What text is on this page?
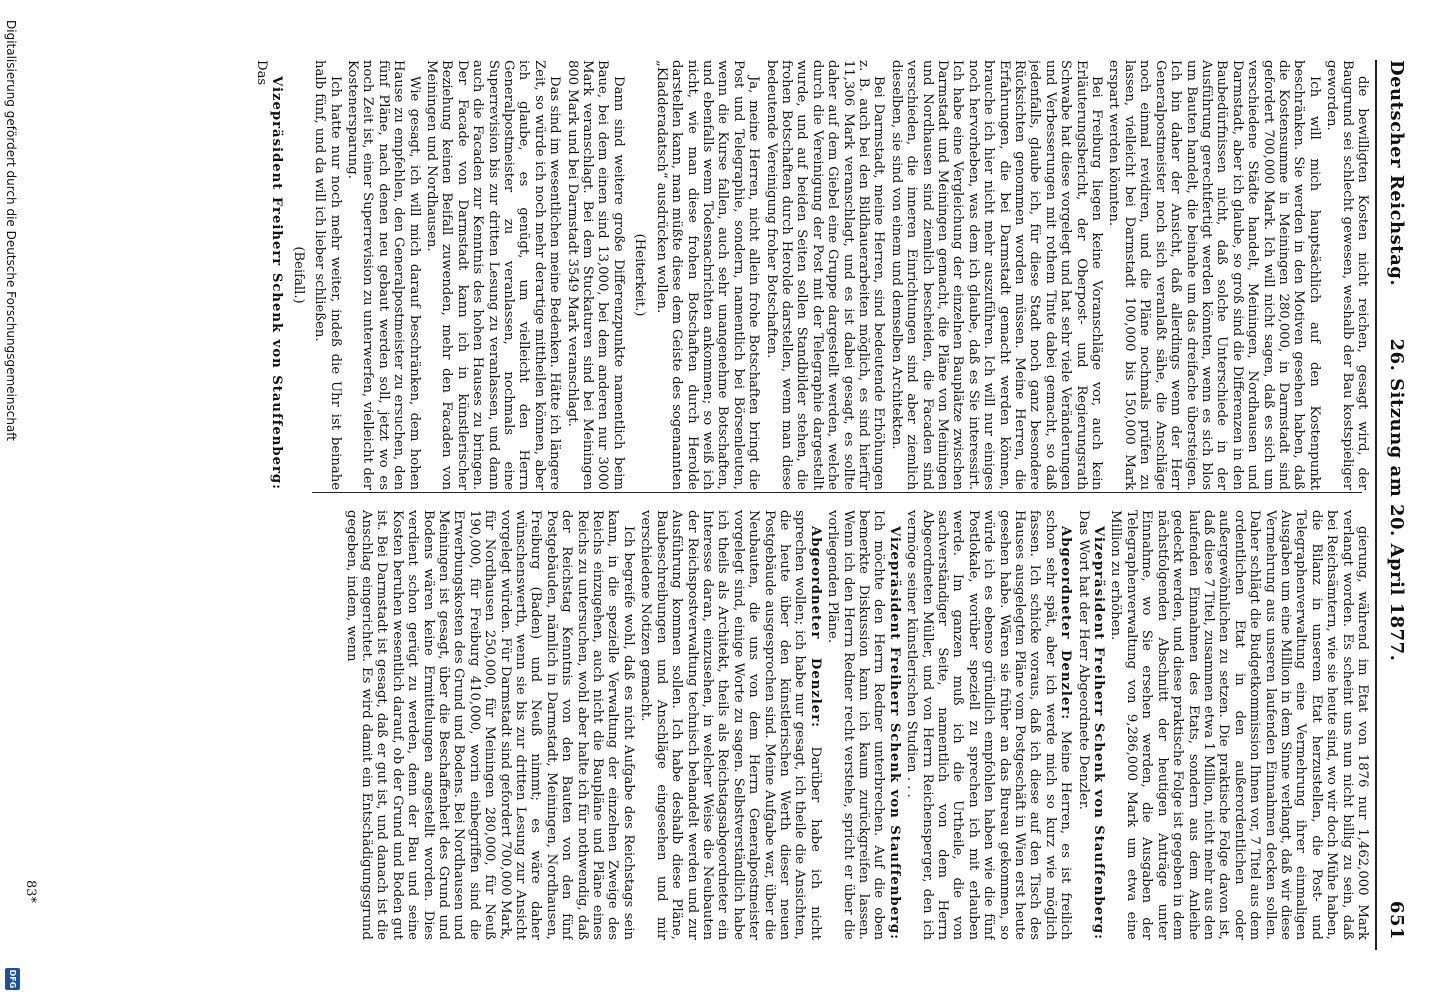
Deutscher Reichstag.
26. Sitzung am 20. April 1877.
651

die bewilligten Kosten nicht reichen, gesagt wird, der Baugrund sei schlecht gewesen, weshalb der Bau kostspieliger geworden.

Ich will mich hauptsächlich auf den Kostenpunkt beschränken. Sie werden in den Motiven gesehen haben, daß die Kostensumme in Meiningen 280,000, in Darmstadt sind gefordert 700,000 Mark. Ich will nicht sagen, daß es sich um verschiedene Städte handelt, Meiningen, Nordhausen und Darmstadt, aber ich glaube, so groß sind die Differenzen in den Baubedürfnissen nicht, daß solche Unterschiede in der Ausführung gerechtfertigt werden könnten, wenn es sich blos um Bauten handelt, die beinahe um das dreifache übersteigen. Ich bin daher der Ansicht, daß allerdings wenn der Herr Generalpostmeister noch sich veranlaßt sähe, die Anschläge noch einmal revidiren, und die Pläne nochmals prüfen zu lassen, vielleicht bei Darmstadt 100,000 bis 150,000 Mark erspart werden könnten.

Bei Freiburg liegen keine Voranschläge vor, auch kein Erläuterungsbericht, der Oberpost- und Regierungsrath Schwabe hat diese vorgelegt und hat sehr viele Veränderungen und Verbesserungen mit rothem Tinte dabei gemacht, so daß jedenfalls, glaube ich, für diese Stadt noch ganz besondere Rücksichten genommen worden müssen. Meine Herren, die Erfahrungen, die bei Darmstadt gemacht werden können, brauche ich hier nicht mehr auszuführen. Ich will nur einiges noch hervorheben, was dem ich glaube, daß es Sie interessirt. Ich habe eine Vergleichung der einzelnen Bauplätze zwischen Darmstadt und Meiningen gemacht, die Pläne von Meiningen und Nordhausen sind ziemlich bescheiden, die Facaden sind verschieden, die inneren Einrichtungen sind aber ziemlich dieselben, sie sind von einem und demselben Architekten.

Bei Darmstadt, meine Herren, sind bedeutende Erhöhungen z. B. auch bei den Bildhauerarbeiten möglich, es sind hierfür 11,306 Mark veranschlagt, und es ist dabei gesagt, es sollte daher auf dem Giebel eine Gruppe dargestellt werden, welche durch die Vereinigung der Post mit der Telegraphie dargestellt wurde, und auf beiden Seiten sollen Standbilder stehen, die frohen Botschaften durch Herolde darstellen, wenn man diese bedeutende Vereinigung froher Botschaften.

Ja, meine Herren, nicht allein frohe Botschaften bringt die Post und Telegraphie, sondern, namentlich bei Börsenleuten, wenn die Kurse fallen, auch sehr unangenehme Botschaften, und ebenfalls wenn Todesnachrichten ankommen; so weiß ich nicht, wie man diese frohen Botschaften durch Herolde darstellen kann, man müßte diese dem Geiste des sogenannten „Kladderadatsch“ ausdrücken wollen.

(Heiterkeit.)

Dann sind weitere große Differenzpunkte namentlich beim Baue, bei dem einen sind 13,000, bei dem anderen nur 3000 Mark veranschlagt. Bei dem Stuckaturen sind bei Meiningen 800 Mark und bei Darmstadt 3549 Mark veranschlagt.

Das sind im wesentlichen meine Bedenken. Hätte ich längere Zeit, so würde ich noch mehr derartige mittheilen können, aber ich glaube, es genügt, um vielleicht den Herrn Generalpostmeister zu veranlassen, nochmals eine Superrevision bis zur dritten Lesung zu veranlassen, und dann auch die Facaden zur Kenntnis des hohen Hauses zu bringen. Der Facade von Darmstadt kann ich in künstlerischer Beziehung keinen Beifall zuwenden, mehr den Facaden von Meiningen und Nordhausen.

Wie gesagt, ich will mich darauf beschränken, dem hohen Hause zu empfehlen, den Generalpostmeister zu ersuchen, den fünf Pläne, nach denen neu gebaut werden soll, jetzt wo es noch Zeit ist, einer Superrevision zu unterwerfen, vielleicht der Kostenersparung.

Ich hatte nur noch mehr weiter, indeß die Uhr ist beinahe halb fünf, und da will ich lieber schließen.

(Beifall.)

Vizepräsident Freiherr Schenk von Stauffenberg: Das

gierung, während im Etat von 1876 nur 1,462,000 Mark verlangt worden. Es scheint uns nun nicht billig zu sein, daß bei Reichsämtern, wie sie heute sind, wo wir doch Mühe haben, die Bilanz in unserem Etat herzustellen, die Post- und Telegraphenverwaltung eine Vermehrung ihrer einmaligen Ausgaben um eine Million in dem Sinne verlangt, daß wir diese Vermehrung aus unseren laufenden Einnahmen decken sollen. Daher schlägt die Budgetkommission Ihnen vor, 7 Titel aus dem ordentlichen Etat in den außerordentlichen oder außergewöhnlichen zu setzen. Die praktische Folge davon ist, daß diese 7 Titel, zusammen etwa 1 Million, nicht mehr aus den laufenden Einnahmen des Etats, sondern aus dem Anleihe gedeckt werden, und diese praktische Folge ist gegeben in dem nächstfolgenden Abschnitt der heutigen Anträge unter Einnahme, wo Sie ersehen werden, die Ausgaben der Telegraphenverwaltung von 9,286,000 Mark um etwa eine Million zu erhöhen.

Vizepräsident Freiherr Schenk von Stauffenberg: Das Wort hat der Herr Abgeordnete Denzler.

Abgeordneter Denzler: Meine Herren, es ist freilich schon sehr spät, aber ich werde mich so kurz wie möglich fassen. Ich schicke voraus, daß ich diese auf den Tisch des Hauses ausgelegten Pläne vom Postgeschäft in Wien erst heute gesehen habe. Wären sie früher an das Bureau gekommen, so würde ich es ebenso gründlich empfohlen haben wie die fünf Postlokale, worüber speziell zu sprechen ich mit erlauben werde. Im ganzen muß ich die Urtheile, die von sachverständiger Seite, namentlich von dem Herrn Abgeordneten Müller, und von Herrn Reichensperger, den ich vermöge seiner künstlerischen Studien . . .

Vizepräsident Freiherr Schenk von Stauffenberg: Ich möchte den Herrn Redner unterbrechen. Auf die oben bemerkte Diskussion kann ich kaum zurückgreifen lassen. Wenn ich den Herrn Redner recht verstehe, spricht er über die vorliegenden Pläne.

Abgeordneter Denzler: Darüber habe ich nicht sprechen wollen; ich habe nur gesagt, ich theile die Ansichten, die heute über den künstlerischen Werth dieser neuen Postgebäude ausgesprochen sind. Meine Aufgabe war, über die Neubauten, die uns von dem Herrn Generalpostmeister vorgelegt sind, einige Worte zu sagen. Selbstverständlich habe ich theils als Architekt, theils als Reichstagsabgeordneter ein Interesse daran, einzusehen, in welcher Weise die Neubauten der Reichspostverwaltung technisch behandelt werden und zur Ausführung kommen sollen. Ich habe deshalb diese Pläne, Baubeschreibungen und Anschläge eingesehen und mir verschiedene Notizen gemacht.

Ich begreife wohl, daß es nicht Aufgabe des Reichstags sein kann, in die spezielle Verwaltung der einzelnen Zweige des Reichs einzugehen, auch nicht die Baupläne und Pläne eines Reichs zu untersuchen, wohl aber halte ich für nothwendig, daß der Reichstag Kenntnis von den Bauten von den fünf Postgebäuden, nämlich in Darmstadt, Meiningen, Nordhausen, Freiburg (Baden) und Neuß nimmt; es wäre daher wünschenswerth, wenn sie bis zur dritten Lesung zur Ansicht vorgelegt würden. Für Darmstadt sind gefordert 700,000 Mark, für Nordhausen 250,000, für Meiningen 280,000, für Neuß 190,000, für Freiburg 410,000, worin einbegriffen sind die Erwerbungskosten des Grund und Bodens. Bei Nordhausen und Meiningen ist gesagt, über die Beschaffenheit des Grund und Bodens wären keine Ermittelungen angestellt worden. Dies verdient schon gerügt zu werden, denn der Bau und seine Kosten beruhen wesentlich darauf, ob der Grund und Boden gut ist. Bei Darmstadt ist gesagt, daß er gut ist, und danach ist die Anschlag eingerichtet. Es wird damit ein Entschädigungsgrund gegeben, indem, wenn

83*
Digitalisierung gefördert durch die Deutsche Forschungsgemeinschaft
DFG
